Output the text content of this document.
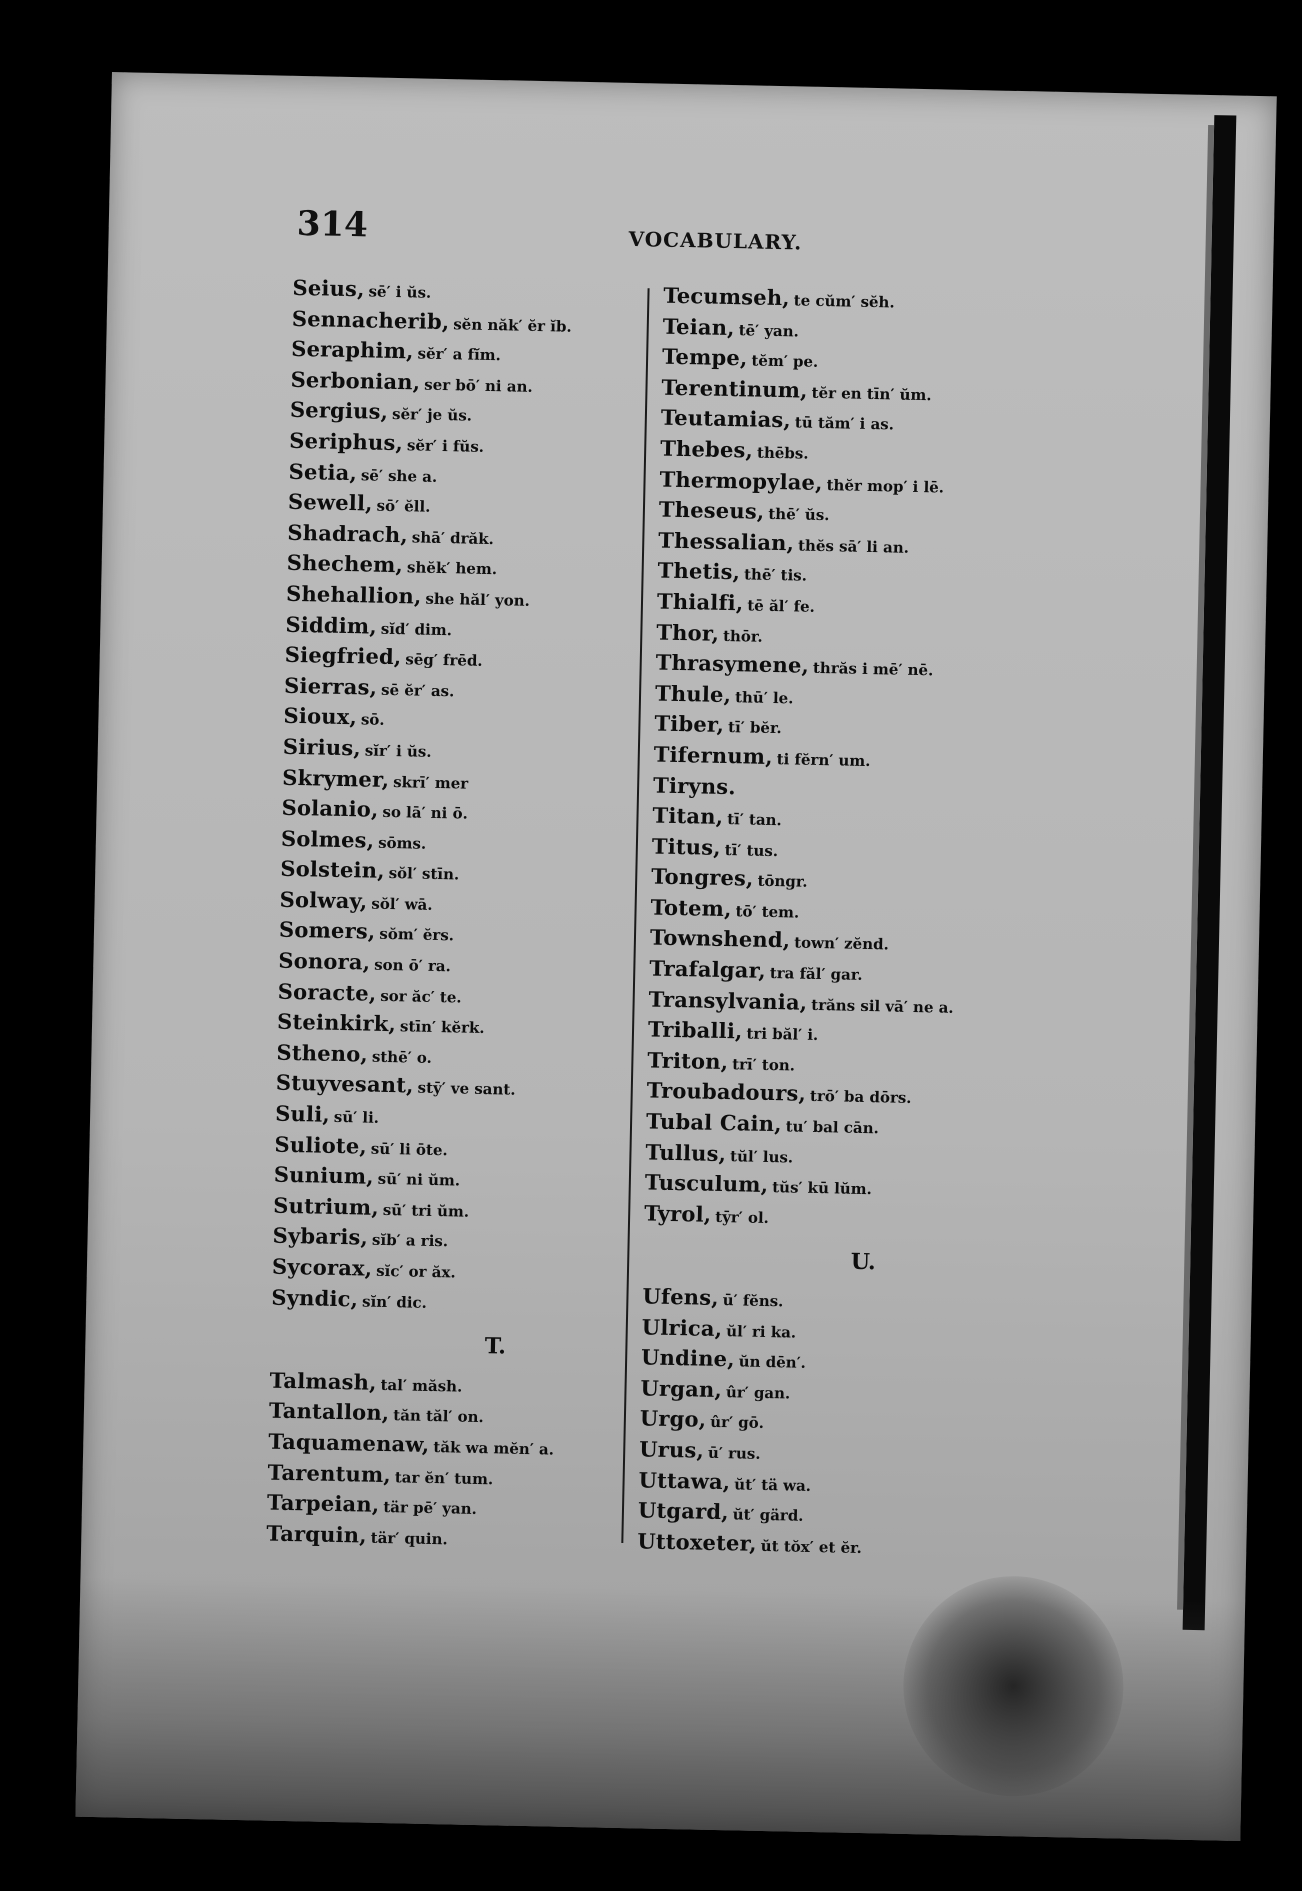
314	VOCABULARY.
Seius, sē′ i ŭs.
Sennacherib, sĕn năk′ ĕr ĭb.
Seraphim, sĕr′ a fĭm.
Serbonian, ser bō′ ni an.
Sergius, sĕr′ je ŭs.
Seriphus, sĕr′ i fŭs.
Setia, sē′ she a.
Sewell, sō′ ĕll.
Shadrach, shā′ drăk.
Shechem, shĕk′ hem.
Shehallion, she hăl′ yon.
Siddim, sĭd′ dim.
Siegfried, sēg′ frēd.
Sierras, sē ĕr′ as.
Sioux, sō.
Sirius, sĭr′ i ŭs.
Skrymer, skrī′ mer
Solanio, so lā′ ni ō.
Solmes, sōms.
Solstein, sŏl′ stīn.
Solway, sŏl′ wā.
Somers, sŏm′ ĕrs.
Sonora, son ō′ ra.
Soracte, sor ăc′ te.
Steinkirk, stīn′ kĕrk.
Stheno, sthē′ o.
Stuyvesant, stȳ′ ve sant.
Suli, sū′ li.
Suliote, sū′ li ōte.
Sunium, sū′ ni ŭm.
Sutrium, sū′ tri ŭm.
Sybaris, sĭb′ a ris.
Sycorax, sĭc′ or ăx.
Syndic, sĭn′ dic.
T.
Talmash, tal′ măsh.
Tantallon, tăn tăl′ on.
Taquamenaw, tăk wa mĕn′ a.
Tarentum, tar ĕn′ tum.
Tarpeian, tär pē′ yan.
Tarquin, tär′ quin.
Tecumseh, te cŭm′ sĕh.
Teian, tē′ yan.
Tempe, tĕm′ pe.
Terentinum, tĕr en tīn′ ŭm.
Teutamias, tū tăm′ i as.
Thebes, thēbs.
Thermopylae, thĕr mop′ i lē.
Theseus, thē′ ŭs.
Thessalian, thĕs sā′ li an.
Thetis, thē′ tis.
Thialfi, tē ăl′ fe.
Thor, thōr.
Thrasymene, thrăs i mē′ nē.
Thule, thū′ le.
Tiber, tī′ bĕr.
Tifernum, ti fĕrn′ um.
Tiryns.
Titan, tī′ tan.
Titus, tī′ tus.
Tongres, tōngr.
Totem, tō′ tem.
Townshend, town′ zĕnd.
Trafalgar, tra făl′ gar.
Transylvania, trăns sil vā′ ne a.
Triballi, tri băl′ i.
Triton, trī′ ton.
Troubadours, trō′ ba dōrs.
Tubal Cain, tu′ bal cān.
Tullus, tŭl′ lus.
Tusculum, tŭs′ kū lŭm.
Tyrol, tȳr′ ol.
U.
Ufens, ū′ fĕns.
Ulrica, ŭl′ ri ka.
Undine, ŭn dēn′.
Urgan, ûr′ gan.
Urgo, ûr′ gō.
Urus, ū′ rus.
Uttawa, ŭt′ tä wa.
Utgard, ŭt′ gärd.
Uttoxeter, ŭt tŏx′ et ĕr.
